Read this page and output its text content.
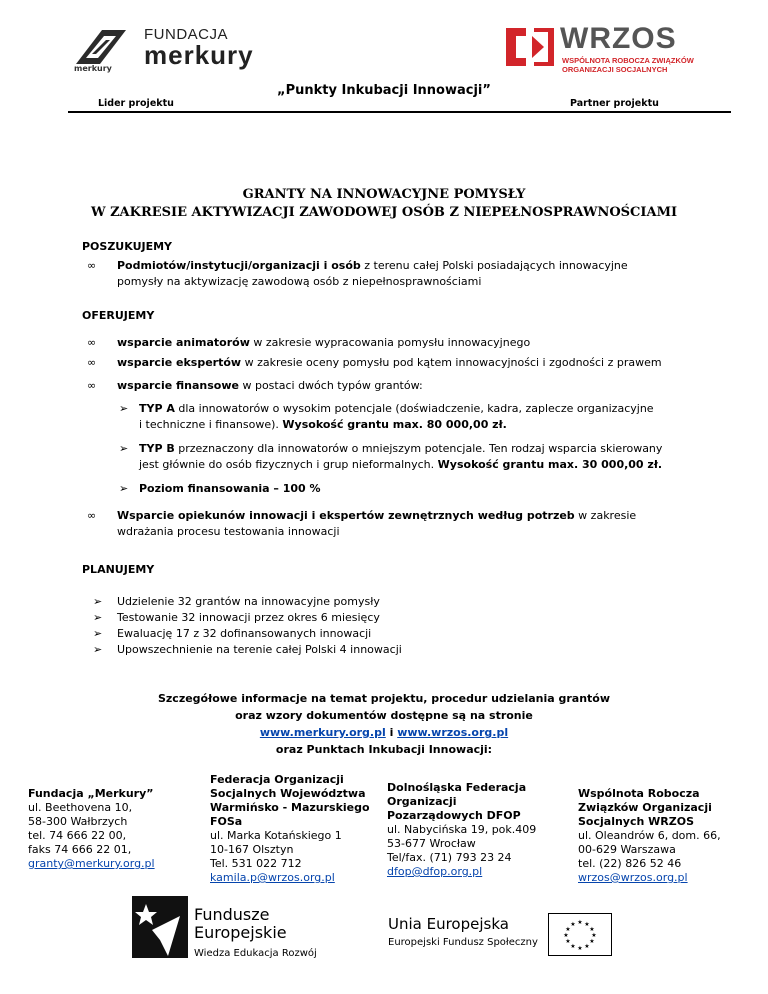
merkury
FUNDACJA
merkury	WRZOS
WSPÓLNOTA ROBOCZA ZWIĄZKÓW
ORGANIZACJI SOCJALNYCH
„Punkty Inkubacji Innowacji”
Lider projektu	Partner projektu
GRANTY NA INNOWACYJNE POMYSŁY
W ZAKRESIE AKTYWIZACJI ZAWODOWEJ OSÓB Z NIEPEŁNOSPRAWNOŚCIAMI
POSZUKUJEMY
∞ Podmiotów/instytucji/organizacji i osób z terenu całej Polski posiadających innowacyjne
pomysły na aktywizację zawodową osób z niepełnosprawnościami
OFERUJEMY
∞ wsparcie animatorów w zakresie wypracowania pomysłu innowacyjnego
∞ wsparcie ekspertów w zakresie oceny pomysłu pod kątem innowacyjności i zgodności z prawem
∞ wsparcie finansowe w postaci dwóch typów grantów:
➢ TYP A dla innowatorów o wysokim potencjale (doświadczenie, kadra, zaplecze organizacyjne
i techniczne i finansowe). Wysokość grantu max. 80 000,00 zł.
➢ TYP B przeznaczony dla innowatorów o mniejszym potencjale. Ten rodzaj wsparcia skierowany
jest głównie do osób fizycznych i grup nieformalnych. Wysokość grantu max. 30 000,00 zł.
➢ Poziom finansowania – 100 %
∞ Wsparcie opiekunów innowacji i ekspertów zewnętrznych według potrzeb w zakresie
wdrażania procesu testowania innowacji
PLANUJEMY
➢ Udzielenie 32 grantów na innowacyjne pomysły
➢ Testowanie 32 innowacji przez okres 6 miesięcy
➢ Ewaluację 17 z 32 dofinansowanych innowacji
➢ Upowszechnienie na terenie całej Polski 4 innowacji
Szczegółowe informacje na temat projektu, procedur udzielania grantów
oraz wzory dokumentów dostępne są na stronie
www.merkury.org.pl i www.wrzos.org.pl
oraz Punktach Inkubacji Innowacji:
Fundacja „Merkury”
ul. Beethovena 10,
58-300 Wałbrzych
tel. 74 666 22 00,
faks 74 666 22 01,
granty@merkury.org.pl
Federacja Organizacji
Socjalnych Województwa
Warmińsko - Mazurskiego
FOSa
ul. Marka Kotańskiego 1
10-167 Olsztyn
Tel. 531 022 712
kamila.p@wrzos.org.pl
Dolnośląska Federacja
Organizacji
Pozarządowych DFOP
ul. Nabycińska 19, pok.409
53-677 Wrocław
Tel/fax. (71) 793 23 24
dfop@dfop.org.pl
Wspólnota Robocza
Związków Organizacji
Socjalnych WRZOS
ul. Oleandrów 6, dom. 66,
00-629 Warszawa
tel. (22) 826 52 46
wrzos@wrzos.org.pl
Fundusze
Europejskie
Wiedza Edukacja Rozwój
Unia Europejska
Europejski Fundusz Społeczny
★ ★
★
★
★
★
★
★
★
★
★
★
